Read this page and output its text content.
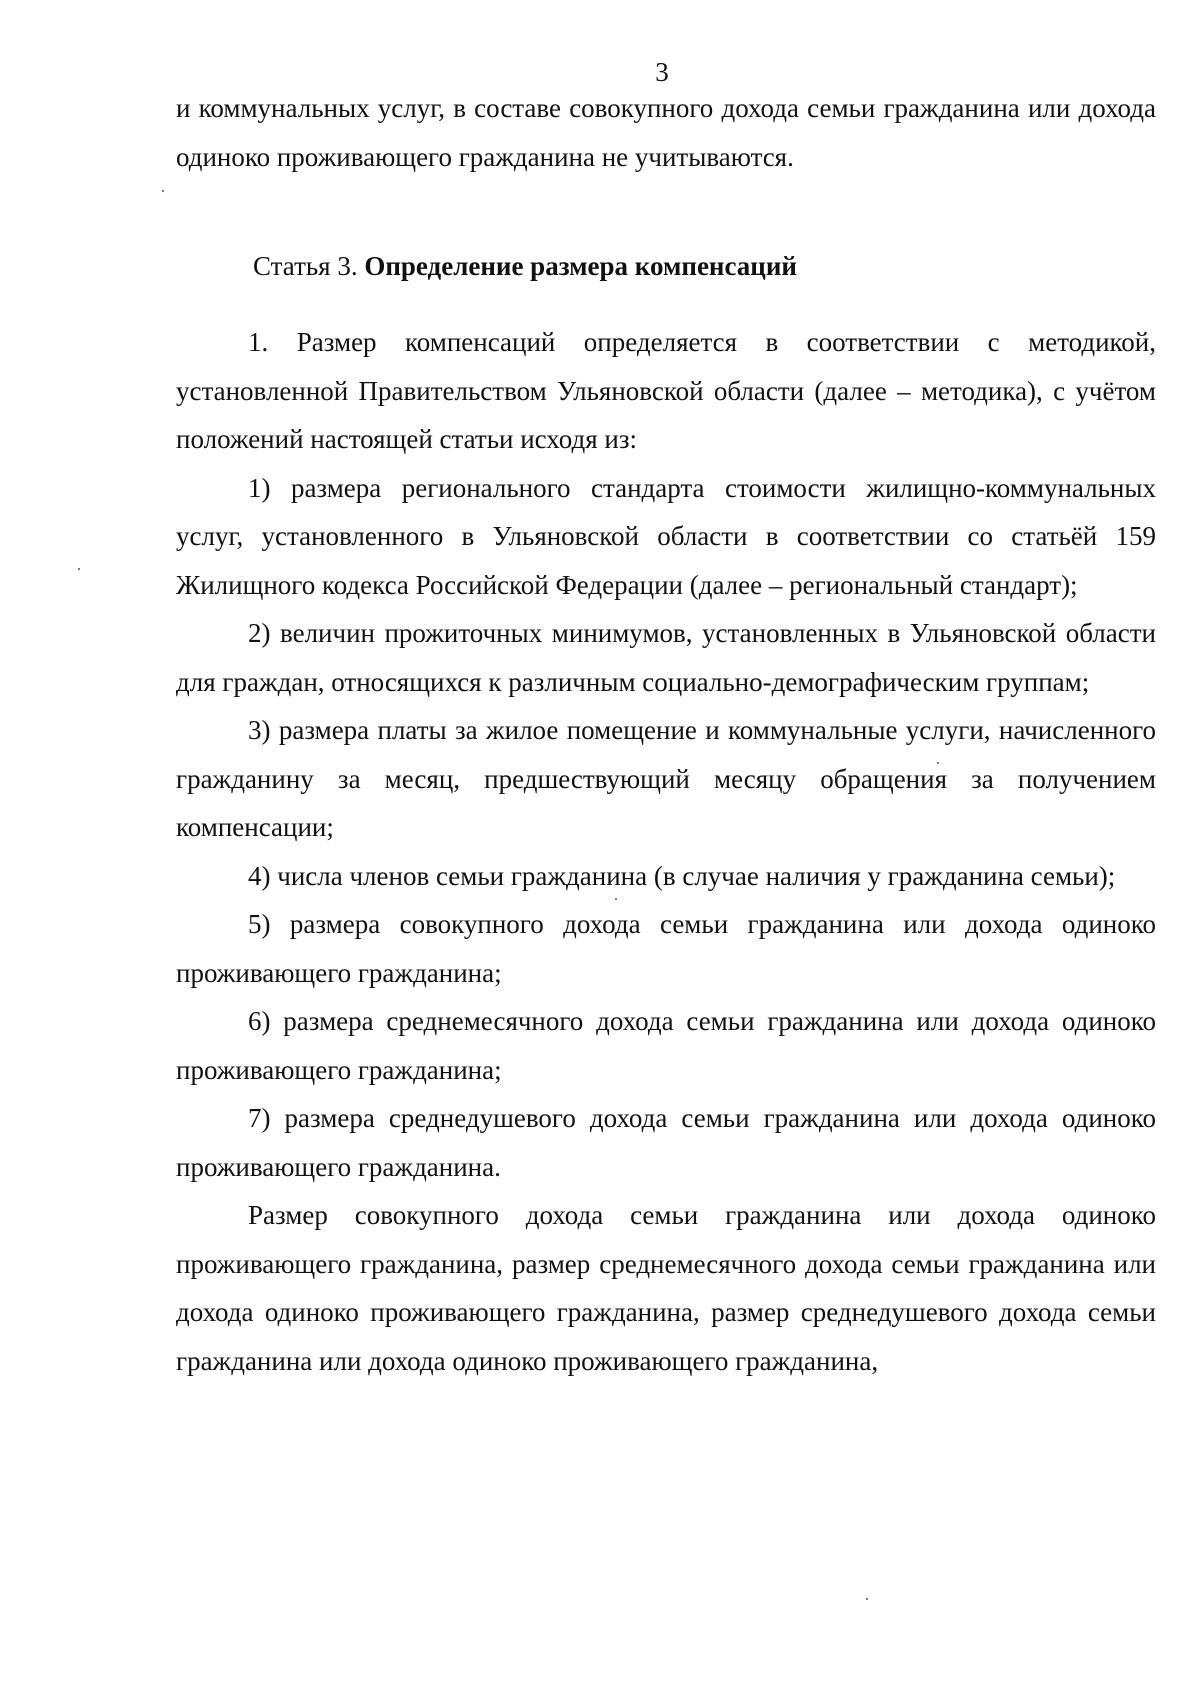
3

и коммунальных услуг, в составе совокупного дохода семьи гражданина или дохода одиноко проживающего гражданина не учитываются.

Статья 3. Определение размера компенсаций

1. Размер компенсаций определяется в соответствии с методикой, установленной Правительством Ульяновской области (далее – методика), с учётом положений настоящей статьи исходя из:

1) размера регионального стандарта стоимости жилищно-коммунальных услуг, установленного в Ульяновской области в соответствии со статьёй 159 Жилищного кодекса Российской Федерации (далее – региональный стандарт);

2) величин прожиточных минимумов, установленных в Ульяновской области для граждан, относящихся к различным социально-демографическим группам;

3) размера платы за жилое помещение и коммунальные услуги, начисленного гражданину за месяц, предшествующий месяцу обращения за получением компенсации;

4) числа членов семьи гражданина (в случае наличия у гражданина семьи);

5) размера совокупного дохода семьи гражданина или дохода одиноко проживающего гражданина;

6) размера среднемесячного дохода семьи гражданина или дохода одиноко проживающего гражданина;

7) размера среднедушевого дохода семьи гражданина или дохода одиноко проживающего гражданина.

Размер совокупного дохода семьи гражданина или дохода одиноко проживающего гражданина, размер среднемесячного дохода семьи гражданина или дохода одиноко проживающего гражданина, размер среднедушевого дохода семьи гражданина или дохода одиноко проживающего гражданина,
